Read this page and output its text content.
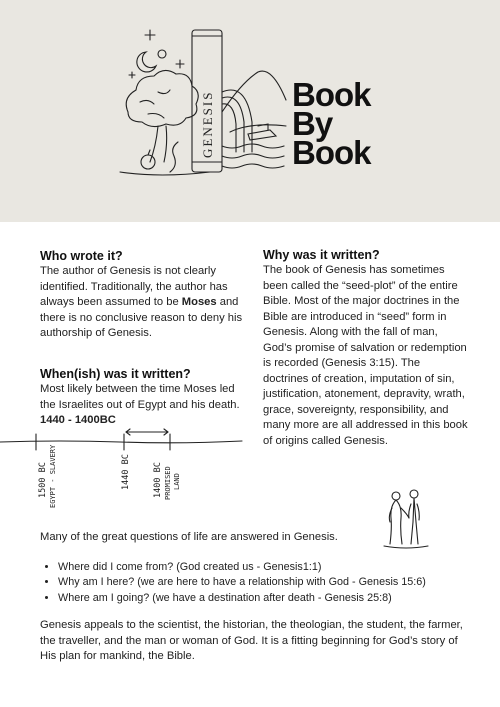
GENESIS Book
By
Book
Who wrote it?

The author of Genesis is not clearly identified. Traditionally, the author has always been assumed to be Moses and there is no conclusive reason to deny his authorship of Genesis.

When(ish) was it written?

Most likely between the time Moses led the Israelites out of Egypt and his death. 1440 - 1400BC

Why was it written?

The book of Genesis has sometimes been called the “seed-plot” of the entire Bible. Most of the major doctrines in the Bible are introduced in “seed” form in Genesis. Along with the fall of man, God’s promise of salvation or redemption is recorded (Genesis 3:15). The doctrines of creation, imputation of sin, justification, atonement, depravity, wrath, grace, sovereignty, responsibility, and many more are all addressed in this book of origins called Genesis.

1500 BC EGYPT - SLAVERY	1440 BC	1400 BC PROMISED LAND

Many of the great questions of life are answered in Genesis.

• Where did I come from? (God created us - Genesis1:1)
• Why am I here? (we are here to have a relationship with God - Genesis 15:6)
• Where am I going? (we have a destination after death - Genesis 25:8)

Genesis appeals to the scientist, the historian, the theologian, the student, the farmer, the traveller, and the man or woman of God. It is a fitting beginning for God’s story of His plan for mankind, the Bible.
